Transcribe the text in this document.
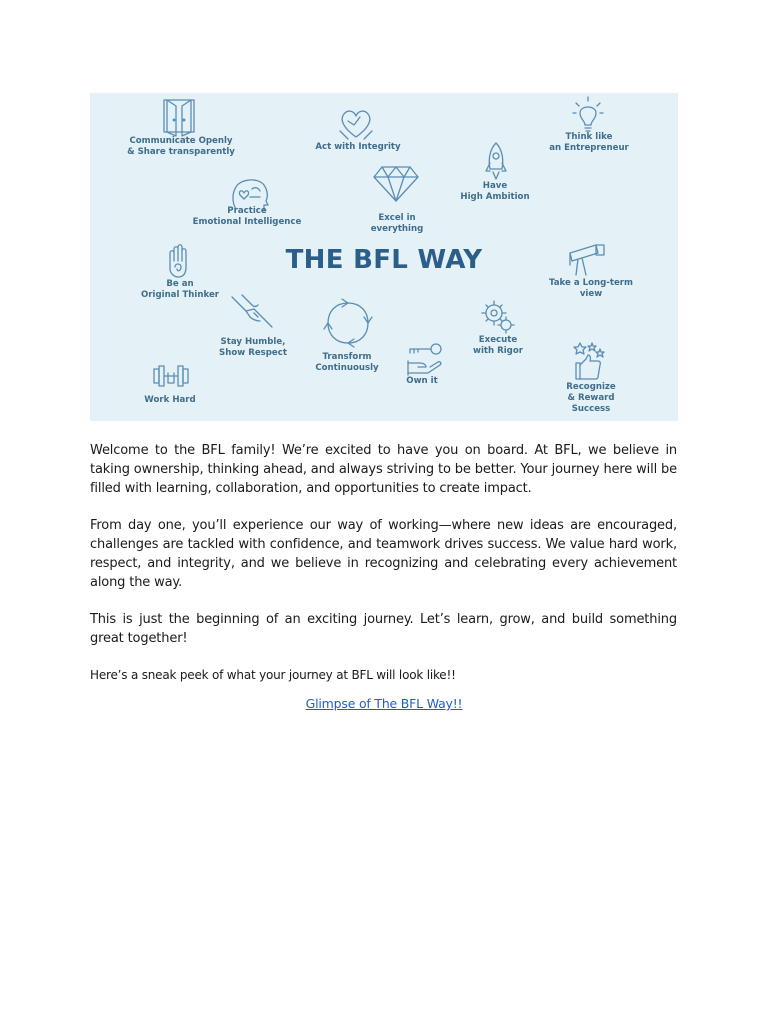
THE BFL WAY
Communicate Openly
& Share transparently	Act with Integrity
Think like
an Entrepreneur
Have
High Ambition
Practice
Emotional Intelligence	Excel in
everything
Be an
Original Thinker
Take a Long-term
view
Stay Humble,
Show Respect	Transform
Continuously
Execute
with Rigor
Own it
Recognize
& Reward Success
Work Hard

Welcome to the BFL family! We’re excited to have you on board. At BFL, we believe in taking ownership, thinking ahead, and always striving to be better. Your journey here will be filled with learning, collaboration, and opportunities to create impact.

From day one, you’ll experience our way of working—where new ideas are encouraged, challenges are tackled with confidence, and teamwork drives success. We value hard work, respect, and integrity, and we believe in recognizing and celebrating every achievement along the way.

This is just the beginning of an exciting journey. Let’s learn, grow, and build something great together!

Here’s a sneak peek of what your journey at BFL will look like!!

Glimpse of The BFL Way!!
